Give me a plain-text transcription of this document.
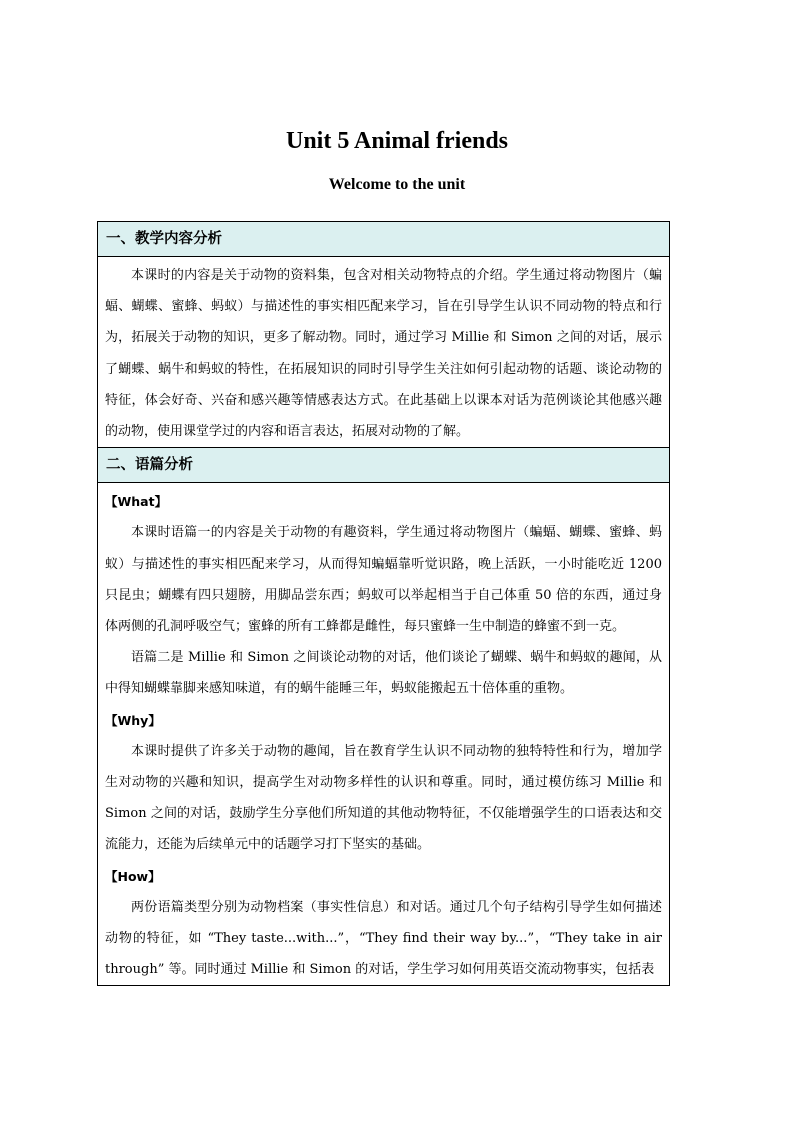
Unit 5 Animal friends
Welcome to the unit
一、教学内容分析

本课时的内容是关于动物的资料集，包含对相关动物特点的介绍。学生通过将动物图片（蝙蝠、蝴蝶、蜜蜂、蚂蚁）与描述性的事实相匹配来学习，旨在引导学生认识不同动物的特点和行为，拓展关于动物的知识，更多了解动物。同时，通过学习 Millie 和 Simon 之间的对话，展示了蝴蝶、蜗牛和蚂蚁的特性，在拓展知识的同时引导学生关注如何引起动物的话题、谈论动物的特征，体会好奇、兴奋和感兴趣等情感表达方式。在此基础上以课本对话为范例谈论其他感兴趣的动物，使用课堂学过的内容和语言表达，拓展对动物的了解。

二、语篇分析

【What】

本课时语篇一的内容是关于动物的有趣资料，学生通过将动物图片（蝙蝠、蝴蝶、蜜蜂、蚂蚁）与描述性的事实相匹配来学习，从而得知蝙蝠靠听觉识路，晚上活跃，一小时能吃近 1200 只昆虫；蝴蝶有四只翅膀，用脚品尝东西；蚂蚁可以举起相当于自己体重 50 倍的东西，通过身体两侧的孔洞呼吸空气；蜜蜂的所有工蜂都是雌性，每只蜜蜂一生中制造的蜂蜜不到一克。

语篇二是 Millie 和 Simon 之间谈论动物的对话，他们谈论了蝴蝶、蜗牛和蚂蚁的趣闻，从中得知蝴蝶靠脚来感知味道，有的蜗牛能睡三年，蚂蚁能搬起五十倍体重的重物。

【Why】

本课时提供了许多关于动物的趣闻，旨在教育学生认识不同动物的独特特性和行为，增加学生对动物的兴趣和知识，提高学生对动物多样性的认识和尊重。同时，通过模仿练习 Millie 和 Simon 之间的对话，鼓励学生分享他们所知道的其他动物特征，不仅能增强学生的口语表达和交流能力，还能为后续单元中的话题学习打下坚实的基础。

【How】

两份语篇类型分别为动物档案（事实性信息）和对话。通过几个句子结构引导学生如何描述动物的特征，如 “They taste...with...”，“They find their way by...”，“They take in air through” 等。同时通过 Millie 和 Simon 的对话，学生学习如何用英语交流动物事实，包括表
